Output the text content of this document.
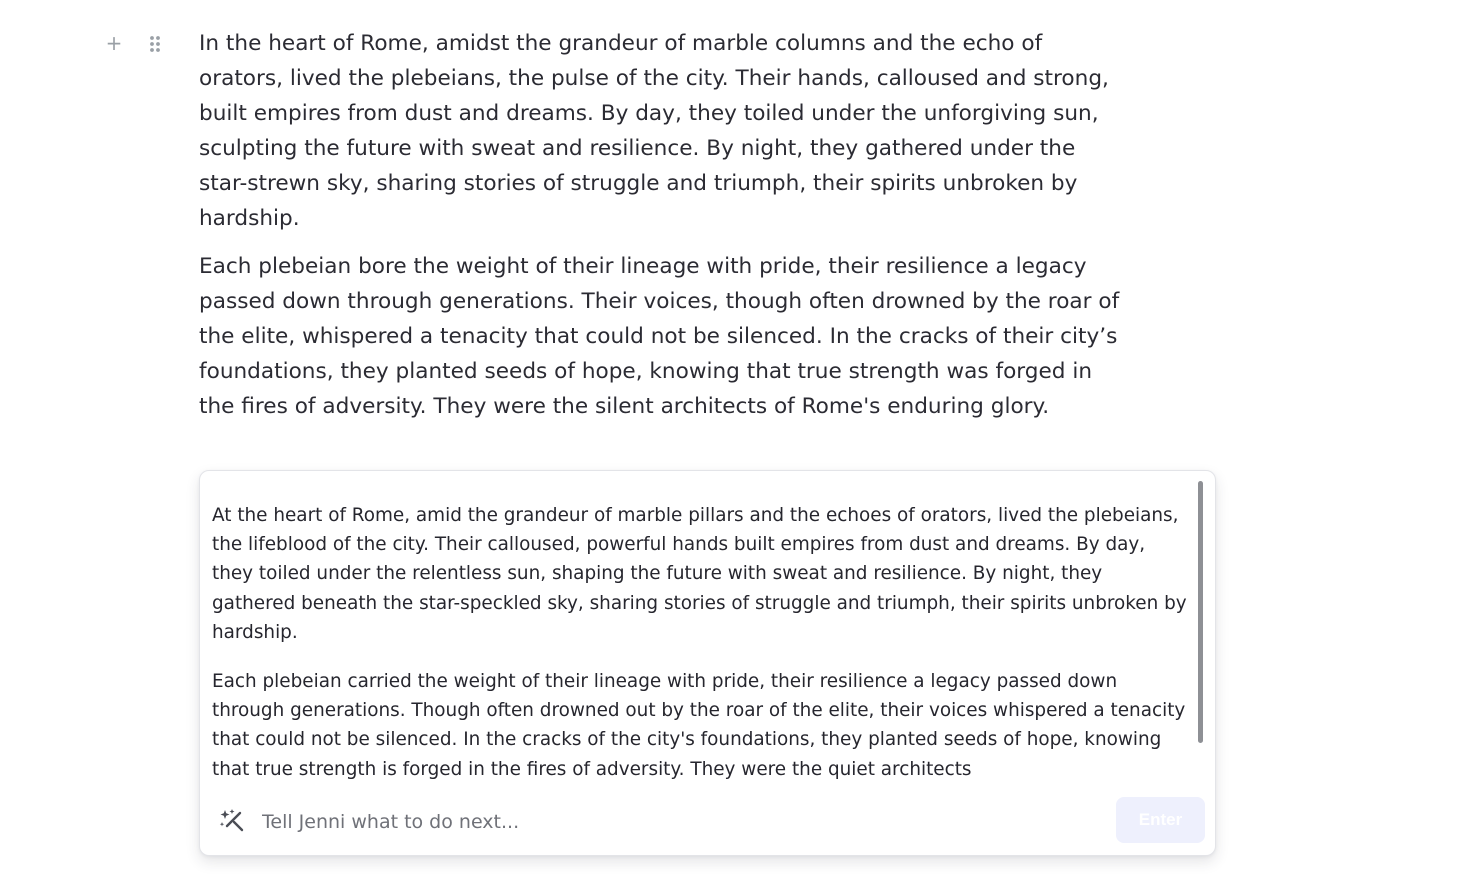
+	In the heart of Rome, amidst the grandeur of marble columns and the echo of orators, lived the plebeians, the pulse of the city. Their hands, calloused and strong, built empires from dust and dreams. By day, they toiled under the unforgiving sun, sculpting the future with sweat and resilience. By night, they gathered under the star-strewn sky, sharing stories of struggle and triumph, their spirits unbroken by hardship.

Each plebeian bore the weight of their lineage with pride, their resilience a legacy passed down through generations. Their voices, though often drowned by the roar of the elite, whispered a tenacity that could not be silenced. In the cracks of their city’s foundations, they planted seeds of hope, knowing that true strength was forged in the fires of adversity. They were the silent architects of Rome's enduring glory.

At the heart of Rome, amid the grandeur of marble pillars and the echoes of orators, lived the plebeians, the lifeblood of the city. Their calloused, powerful hands built empires from dust and dreams. By day, they toiled under the relentless sun, shaping the future with sweat and resilience. By night, they gathered beneath the star-speckled sky, sharing stories of struggle and triumph, their spirits unbroken by hardship.

Each plebeian carried the weight of their lineage with pride, their resilience a legacy passed down through generations. Though often drowned out by the roar of the elite, their voices whispered a tenacity that could not be silenced. In the cracks of the city's foundations, they planted seeds of hope, knowing that true strength is forged in the fires of adversity. They were the quiet architects

Tell Jenni what to do next...
Enter
